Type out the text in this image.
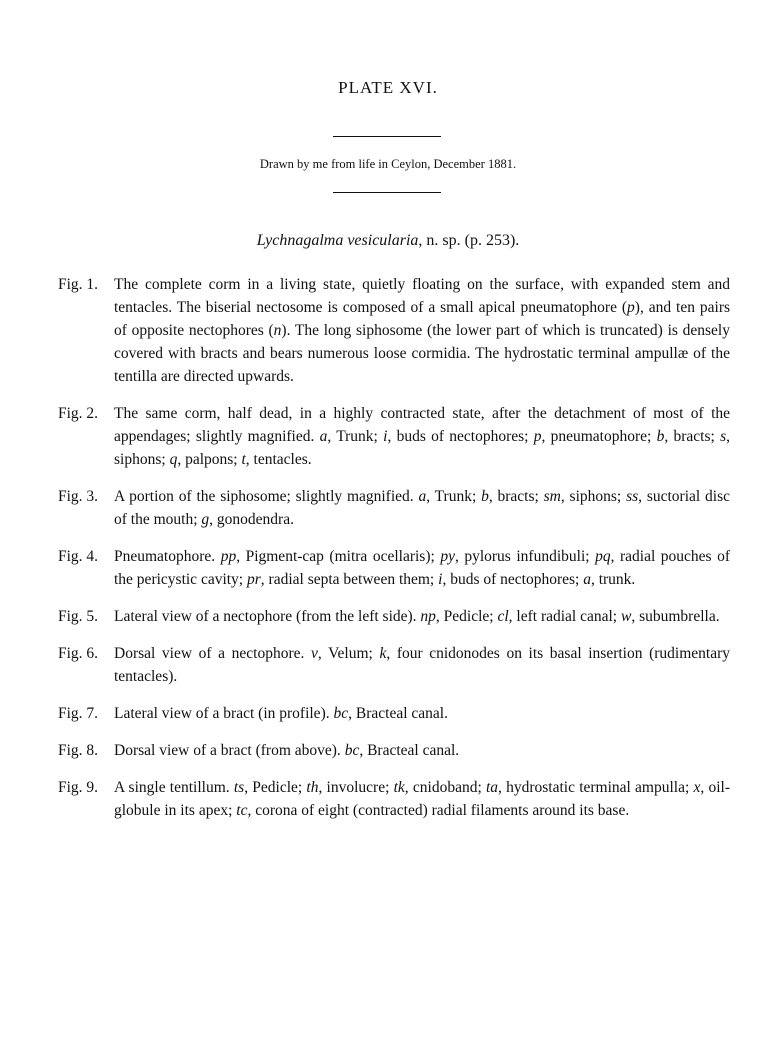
PLATE XVI.
Drawn by me from life in Ceylon, December 1881.
Lychnagalma vesicularia, n. sp. (p. 253).
Fig. 1.	The complete corm in a living state, quietly floating on the surface, with expanded stem and tentacles. The biserial nectosome is composed of a small apical pneumatophore (p), and ten pairs of opposite nectophores (n). The long siphosome (the lower part of which is truncated) is densely covered with bracts and bears numerous loose cormidia. The hydrostatic terminal ampullæ of the tentilla are directed upwards.
Fig. 2.	The same corm, half dead, in a highly contracted state, after the detachment of most of the appendages; slightly magnified. a, Trunk; i, buds of nectophores; p, pneumatophore; b, bracts; s, siphons; q, palpons; t, tentacles.
Fig. 3.	A portion of the siphosome; slightly magnified. a, Trunk; b, bracts; sm, siphons; ss, suctorial disc of the mouth; g, gonodendra.
Fig. 4.	Pneumatophore. pp, Pigment-cap (mitra ocellaris); py, pylorus infundibuli; pq, radial pouches of the pericystic cavity; pr, radial septa between them; i, buds of nectophores; a, trunk.
Fig. 5.	Lateral view of a nectophore (from the left side). np, Pedicle; cl, left radial canal; w, subumbrella.
Fig. 6.	Dorsal view of a nectophore. v, Velum; k, four cnidonodes on its basal insertion (rudimentary tentacles).
Fig. 7.	Lateral view of a bract (in profile). bc, Bracteal canal.
Fig. 8.	Dorsal view of a bract (from above). bc, Bracteal canal.
Fig. 9.	A single tentillum. ts, Pedicle; th, involucre; tk, cnidoband; ta, hydrostatic terminal ampulla; x, oil-globule in its apex; tc, corona of eight (contracted) radial filaments around its base.
